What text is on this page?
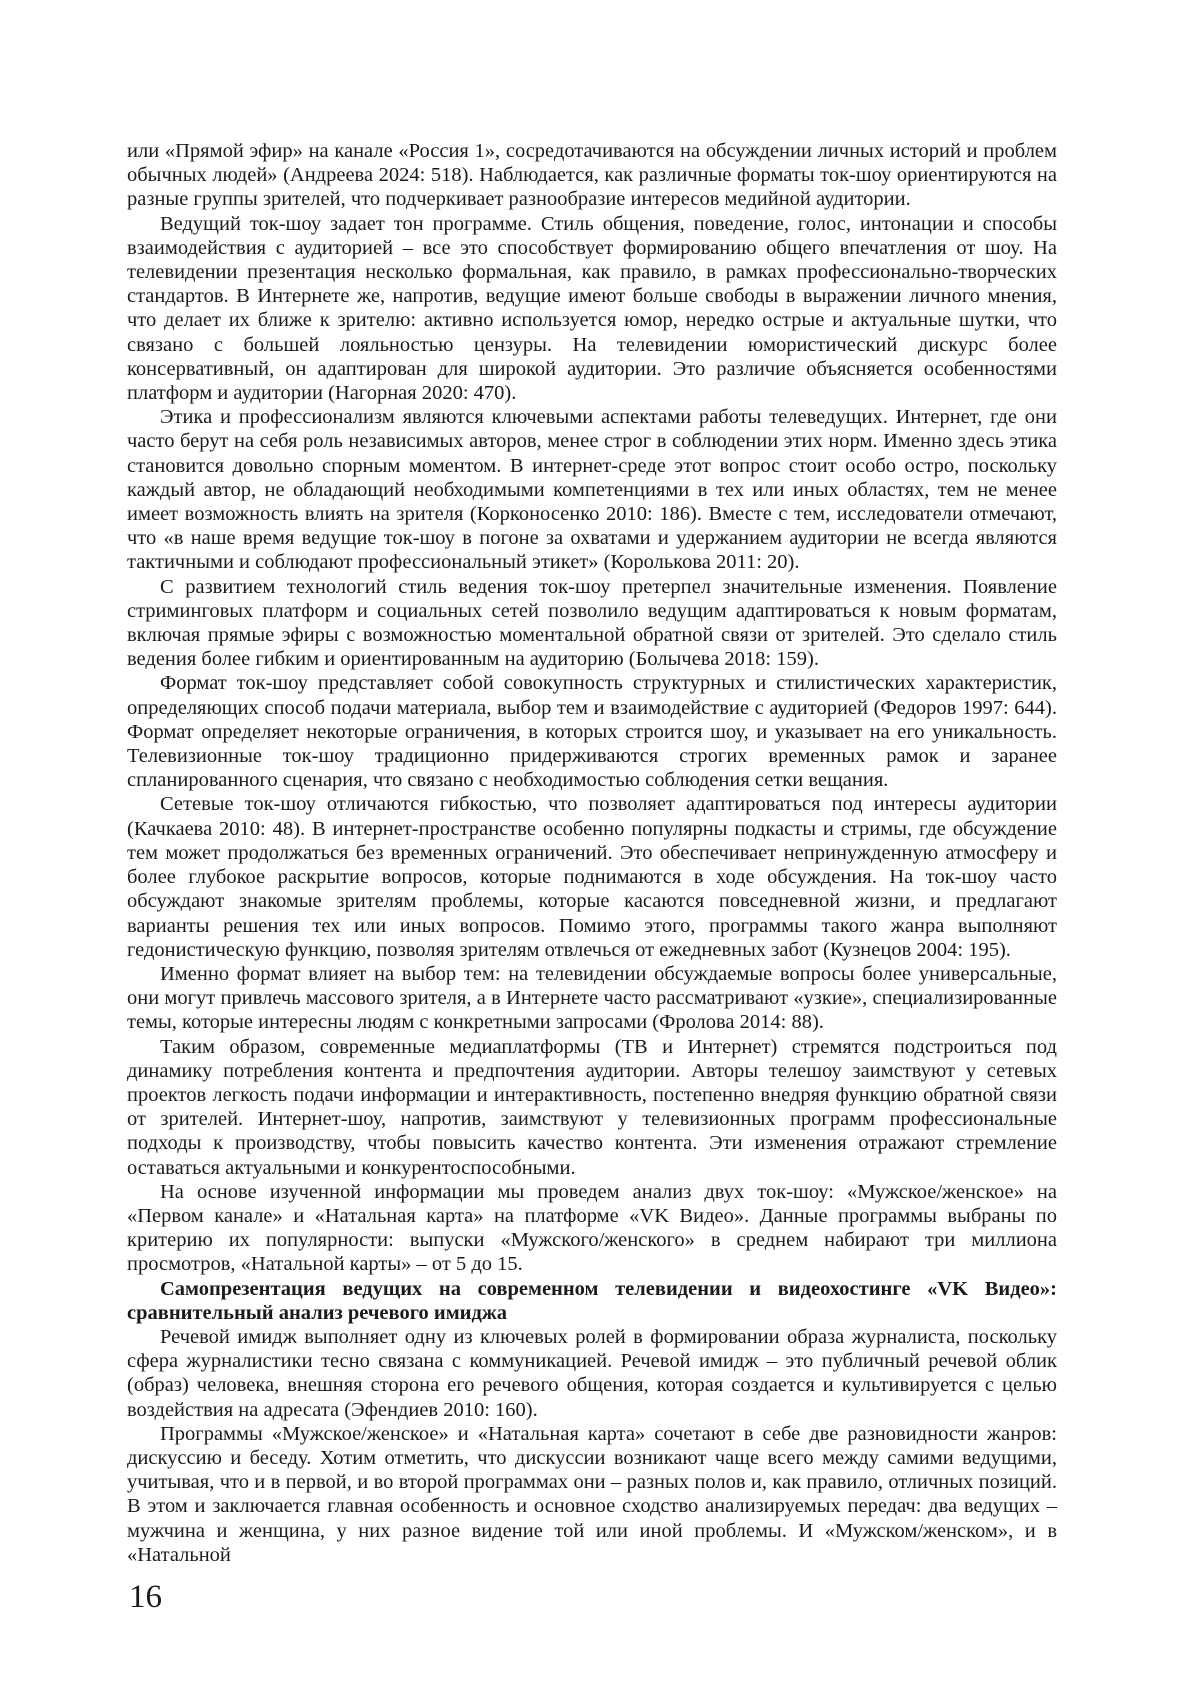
или «Прямой эфир» на канале «Россия 1», сосредотачиваются на обсуждении личных историй и проблем обычных людей» (Андреева 2024: 518). Наблюдается, как различные форматы ток-шоу ориентируются на разные группы зрителей, что подчеркивает разнообразие интересов медийной аудитории.

Ведущий ток-шоу задает тон программе. Стиль общения, поведение, голос, интонации и способы взаимодействия с аудиторией – все это способствует формированию общего впечатления от шоу. На телевидении презентация несколько формальная, как правило, в рамках профессионально-творческих стандартов. В Интернете же, напротив, ведущие имеют больше свободы в выражении личного мнения, что делает их ближе к зрителю: активно используется юмор, нередко острые и актуальные шутки, что связано с большей лояльностью цензуры. На телевидении юмористический дискурс более консервативный, он адаптирован для широкой аудитории. Это различие объясняется особенностями платформ и аудитории (Нагорная 2020: 470).

Этика и профессионализм являются ключевыми аспектами работы телеведущих. Интернет, где они часто берут на себя роль независимых авторов, менее строг в соблюдении этих норм. Именно здесь этика становится довольно спорным моментом. В интернет-среде этот вопрос стоит особо остро, поскольку каждый автор, не обладающий необходимыми компетенциями в тех или иных областях, тем не менее имеет возможность влиять на зрителя (Корконосенко 2010: 186). Вместе с тем, исследователи отмечают, что «в наше время ведущие ток-шоу в погоне за охватами и удержанием аудитории не всегда являются тактичными и соблюдают профессиональный этикет» (Королькова 2011: 20).

С развитием технологий стиль ведения ток-шоу претерпел значительные изменения. Появление стриминговых платформ и социальных сетей позволило ведущим адаптироваться к новым форматам, включая прямые эфиры с возможностью моментальной обратной связи от зрителей. Это сделало стиль ведения более гибким и ориентированным на аудиторию (Болычева 2018: 159).

Формат ток-шоу представляет собой совокупность структурных и стилистических характеристик, определяющих способ подачи материала, выбор тем и взаимодействие с аудиторией (Федоров 1997: 644). Формат определяет некоторые ограничения, в которых строится шоу, и указывает на его уникальность. Телевизионные ток-шоу традиционно придерживаются строгих временных рамок и заранее спланированного сценария, что связано с необходимостью соблюдения сетки вещания.

Сетевые ток-шоу отличаются гибкостью, что позволяет адаптироваться под интересы аудитории (Качкаева 2010: 48). В интернет-пространстве особенно популярны подкасты и стримы, где обсуждение тем может продолжаться без временных ограничений. Это обеспечивает непринужденную атмосферу и более глубокое раскрытие вопросов, которые поднимаются в ходе обсуждения. На ток-шоу часто обсуждают знакомые зрителям проблемы, которые касаются повседневной жизни, и предлагают варианты решения тех или иных вопросов. Помимо этого, программы такого жанра выполняют гедонистическую функцию, позволяя зрителям отвлечься от ежедневных забот (Кузнецов 2004: 195).

Именно формат влияет на выбор тем: на телевидении обсуждаемые вопросы более универсальные, они могут привлечь массового зрителя, а в Интернете часто рассматривают «узкие», специализированные темы, которые интересны людям с конкретными запросами (Фролова 2014: 88).

Таким образом, современные медиаплатформы (ТВ и Интернет) стремятся подстроиться под динамику потребления контента и предпочтения аудитории. Авторы телешоу заимствуют у сетевых проектов легкость подачи информации и интерактивность, постепенно внедряя функцию обратной связи от зрителей. Интернет-шоу, напротив, заимствуют у телевизионных программ профессиональные подходы к производству, чтобы повысить качество контента. Эти изменения отражают стремление оставаться актуальными и конкурентоспособными.

На основе изученной информации мы проведем анализ двух ток-шоу: «Мужское/женское» на «Первом канале» и «Натальная карта» на платформе «VK Видео». Данные программы выбраны по критерию их популярности: выпуски «Мужского/женского» в среднем набирают три миллиона просмотров, «Натальной карты» – от 5 до 15.

Самопрезентация ведущих на современном телевидении и видеохостинге «VK Видео»: сравнительный анализ речевого имиджа

Речевой имидж выполняет одну из ключевых ролей в формировании образа журналиста, поскольку сфера журналистики тесно связана с коммуникацией. Речевой имидж – это публичный речевой облик (образ) человека, внешняя сторона его речевого общения, которая создается и культивируется с целью воздействия на адресата (Эфендиев 2010: 160).

Программы «Мужское/женское» и «Натальная карта» сочетают в себе две разновидности жанров: дискуссию и беседу. Хотим отметить, что дискуссии возникают чаще всего между самими ведущими, учитывая, что и в первой, и во второй программах они – разных полов и, как правило, отличных позиций. В этом и заключается главная особенность и основное сходство анализируемых передач: два ведущих – мужчина и женщина, у них разное видение той или иной проблемы. И «Мужском/женском», и в «Натальной

16
